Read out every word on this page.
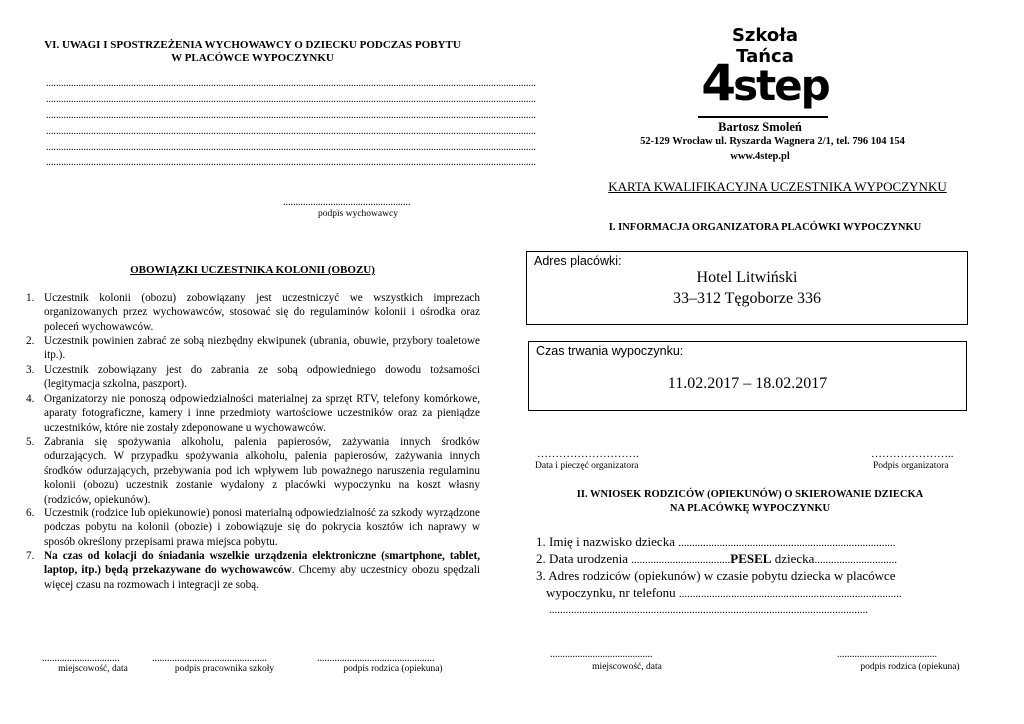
VI. UWAGI I SPOSTRZEŻENIA WYCHOWAWCY O DZIECKU PODCZAS POBYTU W PLACÓWCE WYPOCZYNKU
....................................................................................................................................................................................................
....................................................................................................................................................................................................
....................................................................................................................................................................................................
....................................................................................................................................................................................................
....................................................................................................................................................................................................
....................................................................................................................................................................................................
...................................................
podpis wychowawcy
OBOWIĄZKI UCZESTNIKA KOLONII (OBOZU)
1. Uczestnik kolonii (obozu) zobowiązany jest uczestniczyć we wszystkich imprezach organizowanych przez wychowawców, stosować się do regulaminów kolonii i ośrodka oraz poleceń wychowawców.
2. Uczestnik powinien zabrać ze sobą niezbędny ekwipunek (ubrania, obuwie, przybory toaletowe itp.).
3. Uczestnik zobowiązany jest do zabrania ze sobą odpowiedniego dowodu tożsamości (legitymacja szkolna, paszport).
4. Organizatorzy nie ponoszą odpowiedzialności materialnej za sprzęt RTV, telefony komórkowe, aparaty fotograficzne, kamery i inne przedmioty wartościowe uczestników oraz za pieniądze uczestników, które nie zostały zdeponowane u wychowawców.
5. Zabrania się spożywania alkoholu, palenia papierosów, zażywania innych środków odurzających. W przypadku spożywania alkoholu, palenia papierosów, zażywania innych środków odurzających, przebywania pod ich wpływem lub poważnego naruszenia regulaminu kolonii (obozu) uczestnik zostanie wydalony z placówki wypoczynku na koszt własny (rodziców, opiekunów).
6. Uczestnik (rodzice lub opiekunowie) ponosi materialną odpowiedzialność za szkody wyrządzone podczas pobytu na kolonii (obozie) i zobowiązuje się do pokrycia kosztów ich naprawy w sposób określony przepisami prawa miejsca pobytu.
7. Na czas od kolacji do śniadania wszelkie urządzenia elektroniczne (smartphone, tablet, laptop, itp.) będą przekazywane do wychowawców. Chcemy aby uczestnicy obozu spędzali więcej czasu na rozmowach i integracji ze sobą.
...............................
miejscowość, data
..............................................
podpis pracownika szkoły
...............................................
podpis rodzica (opiekuna)
Szkoła Tańca
4step
Bartosz Smoleń
52-129 Wrocław ul. Ryszarda Wagnera 2/1, tel. 796 104 154
www.4step.pl
KARTA KWALIFIKACYJNA UCZESTNIKA WYPOCZYNKU
I. INFORMACJA ORGANIZATORA PLACÓWKI WYPOCZYNKU
Adres placówki:
Hotel Litwiński
33–312 Tęgoborze 336
Czas trwania wypoczynku:
11.02.2017 – 18.02.2017
……………………….
Data i pieczęć organizatora
…………………..
Podpis organizatora
II. WNIOSEK RODZICÓW (OPIEKUNÓW) O SKIEROWANIE DZIECKA
NA PLACÓWKĘ WYPOCZYNKU
1. Imię i nazwisko dziecka ...............................................................................
2. Data urodzenia ....................................PESEL dziecka..............................
3. Adres rodziców (opiekunów) w czasie pobytu dziecka w placówce
wypoczynku, nr telefonu .................................................................................
....................................................................................................................
.........................................
miejscowość, data
........................................
podpis rodzica (opiekuna)
